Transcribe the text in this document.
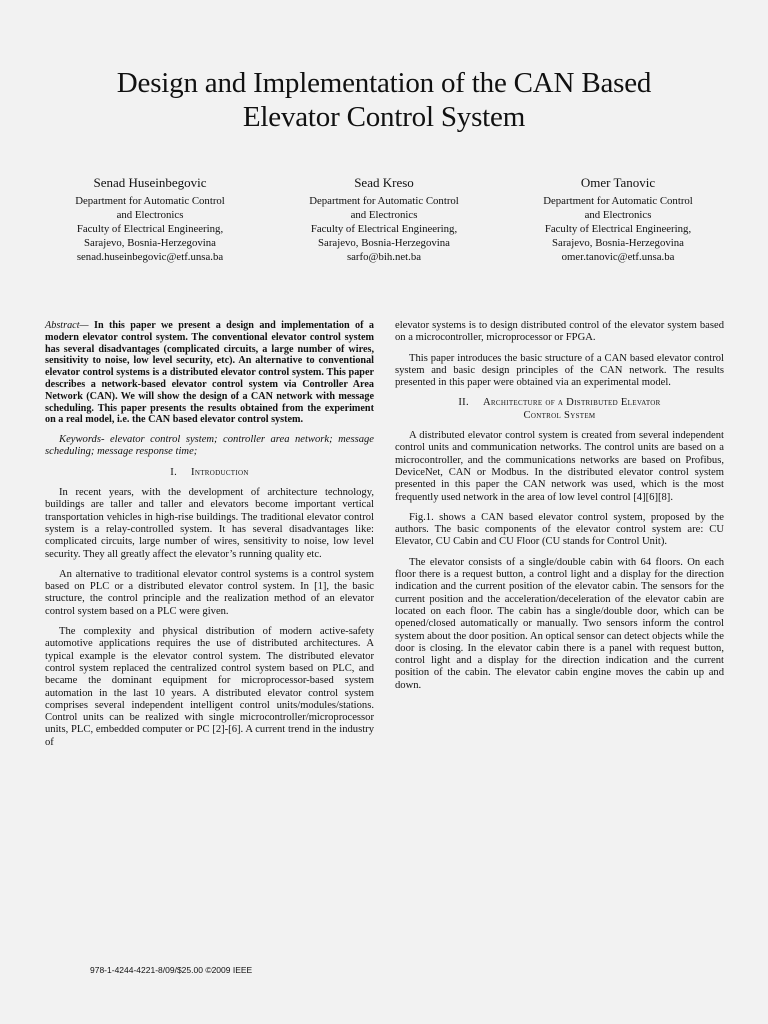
Design and Implementation of the CAN Based
Elevator Control System
Senad Huseinbegovic
Department for Automatic Control
and Electronics
Faculty of Electrical Engineering,
Sarajevo, Bosnia-Herzegovina
senad.huseinbegovic@etf.unsa.ba
Sead Kreso
Department for Automatic Control
and Electronics
Faculty of Electrical Engineering,
Sarajevo, Bosnia-Herzegovina
sarfo@bih.net.ba
Omer Tanovic
Department for Automatic Control
and Electronics
Faculty of Electrical Engineering,
Sarajevo, Bosnia-Herzegovina
omer.tanovic@etf.unsa.ba

Abstract— In this paper we present a design and implementation of a modern elevator control system. The conventional elevator control system has several disadvantages (complicated circuits, a large number of wires, sensitivity to noise, low level security, etc). An alternative to conventional elevator control systems is a distributed elevator control system. This paper describes a network-based elevator control system via Controller Area Network (CAN). We will show the design of a CAN network with message scheduling. This paper presents the results obtained from the experiment on a real model, i.e. the CAN based elevator control system.

Keywords- elevator control system; controller area network; message scheduling; message response time;

I. Introduction

In recent years, with the development of architecture technology, buildings are taller and taller and elevators become important vertical transportation vehicles in high-rise buildings. The traditional elevator control system is a relay-controlled system. It has several disadvantages like: complicated circuits, large number of wires, sensitivity to noise, low level security. They all greatly affect the elevator’s running quality etc.

An alternative to traditional elevator control systems is a control system based on PLC or a distributed elevator control system. In [1], the basic structure, the control principle and the realization method of an elevator control system based on a PLC were given.

The complexity and physical distribution of modern active-safety automotive applications requires the use of distributed architectures. A typical example is the elevator control system. The distributed elevator control system replaced the centralized control system based on PLC, and became the dominant equipment for microprocessor-based system automation in the last 10 years. A distributed elevator control system comprises several independent intelligent control units/modules/stations. Control units can be realized with single microcontroller/microprocessor units, PLC, embedded computer or PC [2]-[6]. A current trend in the industry of

elevator systems is to design distributed control of the elevator system based on a microcontroller, microprocessor or FPGA.

This paper introduces the basic structure of a CAN based elevator control system and basic design principles of the CAN network. The results presented in this paper were obtained via an experimental model.

II. Architecture of a Distributed Elevator
Control System

A distributed elevator control system is created from several independent control units and communication networks. The control units are based on a microcontroller, and the communications networks are based on Profibus, DeviceNet, CAN or Modbus. In the distributed elevator control system presented in this paper the CAN network was used, which is the most frequently used network in the area of low level control [4][6][8].

Fig.1. shows a CAN based elevator control system, proposed by the authors. The basic components of the elevator control system are: CU Elevator, CU Cabin and CU Floor (CU stands for Control Unit).

The elevator consists of a single/double cabin with 64 floors. On each floor there is a request button, a control light and a display for the direction indication and the current position of the elevator cabin. The sensors for the current position and the acceleration/deceleration of the elevator cabin are located on each floor. The cabin has a single/double door, which can be opened/closed automatically or manually. Two sensors inform the control system about the door position. An optical sensor can detect objects while the door is closing. In the elevator cabin there is a panel with request button, control light and a display for the direction indication and the current position of the cabin. The elevator cabin engine moves the cabin up and down.

978-1-4244-4221-8/09/$25.00 ©2009 IEEE
